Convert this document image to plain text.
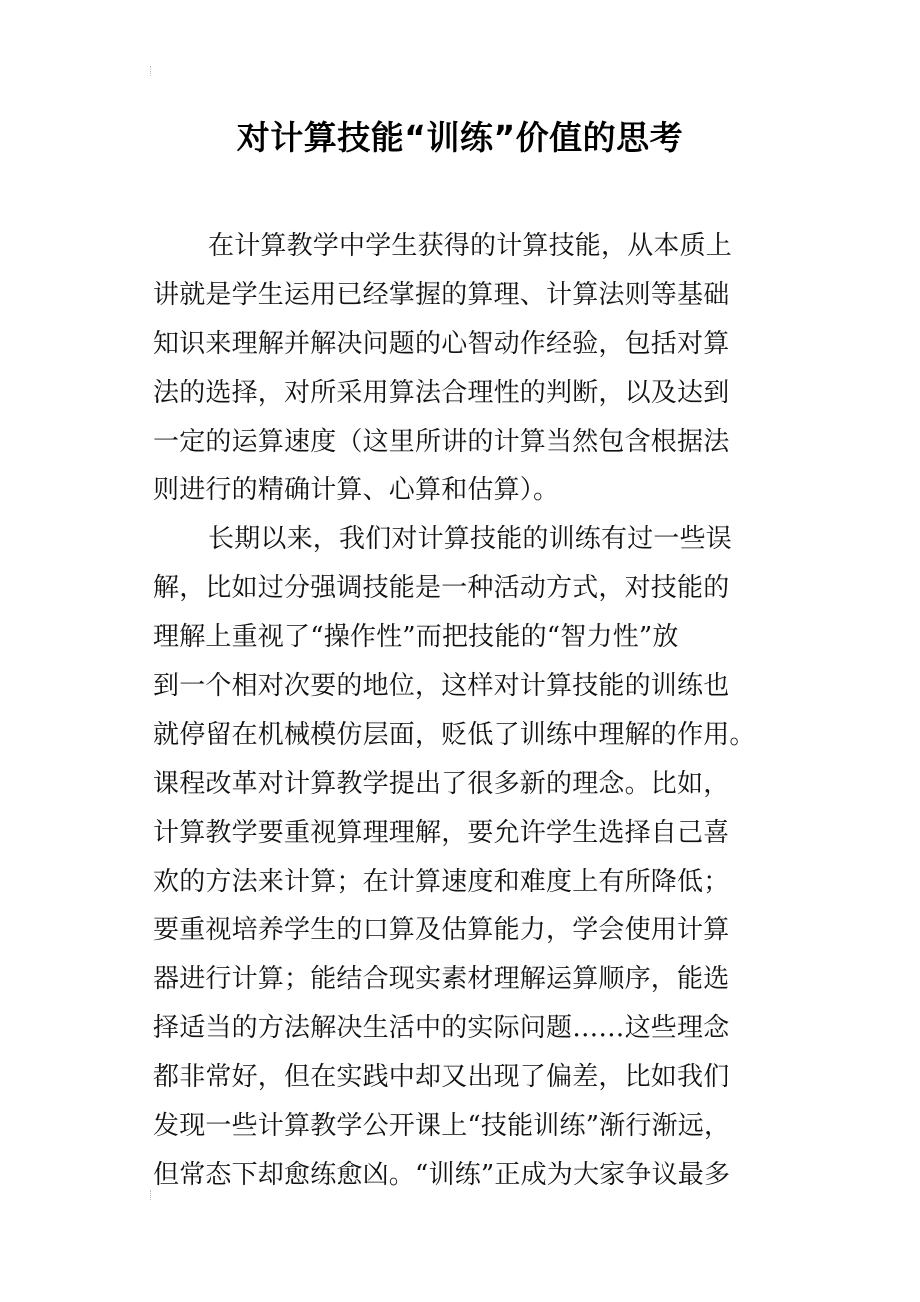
对计算技能“训练”价值的思考
在计算教学中学生获得的计算技能，从本质上
讲就是学生运用已经掌握的算理、计算法则等基础
知识来理解并解决问题的心智动作经验，包括对算
法的选择，对所采用算法合理性的判断，以及达到
一定的运算速度（这里所讲的计算当然包含根据法
则进行的精确计算、心算和估算）。
长期以来，我们对计算技能的训练有过一些误
解，比如过分强调技能是一种活动方式，对技能的
理解上重视了“操作性”而把技能的“智力性”放
到一个相对次要的地位，这样对计算技能的训练也
就停留在机械模仿层面，贬低了训练中理解的作用。
课程改革对计算教学提出了很多新的理念。比如，
计算教学要重视算理理解，要允许学生选择自己喜
欢的方法来计算；在计算速度和难度上有所降低；
要重视培养学生的口算及估算能力，学会使用计算
器进行计算；能结合现实素材理解运算顺序，能选
择适当的方法解决生活中的实际问题……这些理念
都非常好，但在实践中却又出现了偏差，比如我们
发现一些计算教学公开课上“技能训练”渐行渐远，
但常态下却愈练愈凶。“训练”正成为大家争议最多
